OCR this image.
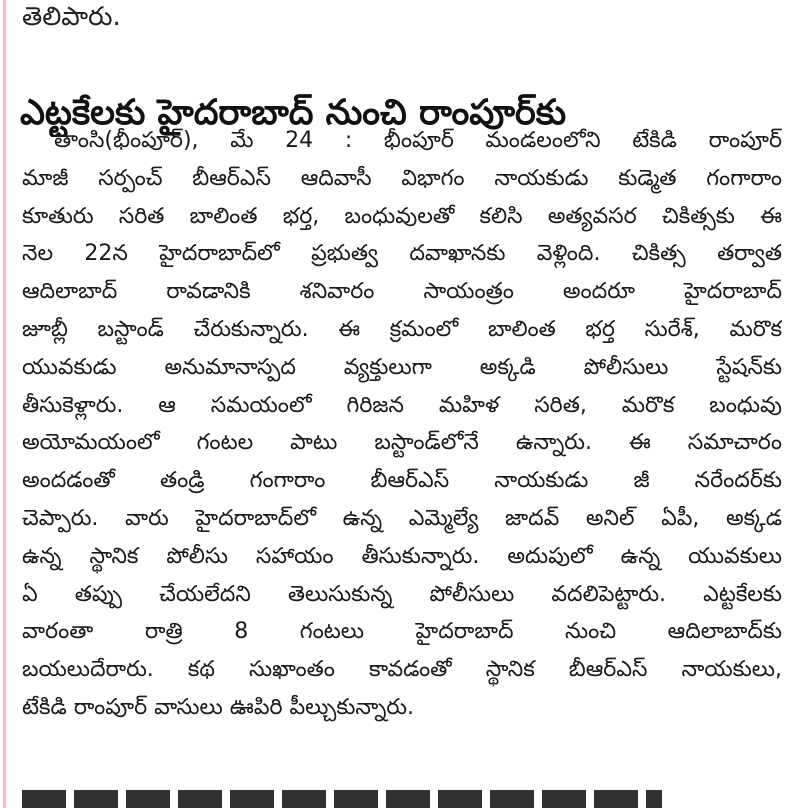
తెలిపారు.
ఎట్టకేలకు హైదరాబాద్ నుంచి రాంపూర్‌కు
తాంసి(భీంపూర్), మే 24 : భీంపూర్ మండలంలోని టేకిడి రాంపూర్
మాజీ సర్పంచ్ బీఆర్ఎస్ ఆదివాసీ విభాగం నాయకుడు కుడ్మెత గంగారాం
కూతురు సరిత బాలింత భర్త, బంధువులతో కలిసి అత్యవసర చికిత్సకు ఈ
నెల 22న హైదరాబాద్‌లో ప్రభుత్వ దవాఖానకు వెళ్లింది. చికిత్స తర్వాత
ఆదిలాబాద్ రావడానికి శనివారం సాయంత్రం అందరూ హైదరాబాద్
జూబ్లీ బస్టాండ్ చేరుకున్నారు. ఈ క్రమంలో బాలింత భర్త సురేశ్, మరొక
యువకుడు అనుమానాస్పద వ్యక్తులుగా అక్కడి పోలీసులు స్టేషన్‌కు
తీసుకెళ్లారు. ఆ సమయంలో గిరిజన మహిళ సరిత, మరొక బంధువు
అయోమయంలో గంటల పాటు బస్టాండ్‌లోనే ఉన్నారు. ఈ సమాచారం
అందడంతో తండ్రి గంగారాం బీఆర్ఎస్ నాయకుడు జీ నరేందర్‌కు
చెప్పారు. వారు హైదరాబాద్‌లో ఉన్న ఎమ్మెల్యే జాదవ్ అనిల్ ఏపీ, అక్కడ
ఉన్న స్థానిక పోలీసు సహాయం తీసుకున్నారు. అదుపులో ఉన్న యువకులు
ఏ తప్పు చేయలేదని తెలుసుకున్న పోలీసులు వదలిపెట్టారు. ఎట్టకేలకు
వారంతా రాత్రి 8 గంటలు హైదరాబాద్ నుంచి ఆదిలాబాద్‌కు
బయలుదేరారు. కథ సుఖాంతం కావడంతో స్థానిక బీఆర్ఎస్ నాయకులు,
టేకిడి రాంపూర్ వాసులు ఊపిరి పీల్చుకున్నారు.
